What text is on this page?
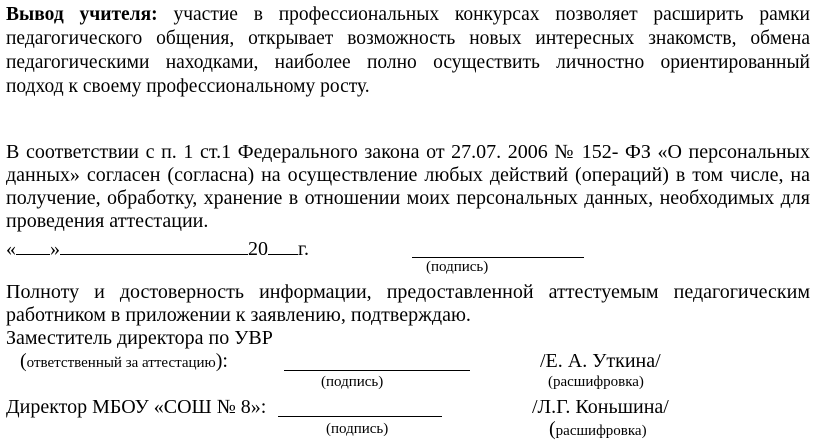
Вывод учителя: участие в профессиональных конкурсах позволяет расширить рамки

педагогического общения, открывает возможность новых интересных знакомств, обмена

педагогическими находками, наиболее полно осуществить личностно ориентированный

подход к своему профессиональному росту.

В соответствии с п. 1 ст.1 Федерального закона от 27.07. 2006 № 152- ФЗ «О персональных

данных» согласен (согласна) на осуществление любых действий (операций) в том числе, на

получение, обработку, хранение в отношении моих персональных данных, необходимых для

проведения аттестации.

« »	20 г.
(подпись)

Полноту и достоверность информации, предоставленной аттестуемым педагогическим

работником в приложении к заявлению, подтверждаю.

Заместитель директора по УВР
(ответственный за аттестацию):	/Е. А. Уткина/
(подпись)	(расшифровка)
Директор МБОУ «СОШ № 8»:	/Л.Г. Коньшина/
(подпись)	(расшифровка)
